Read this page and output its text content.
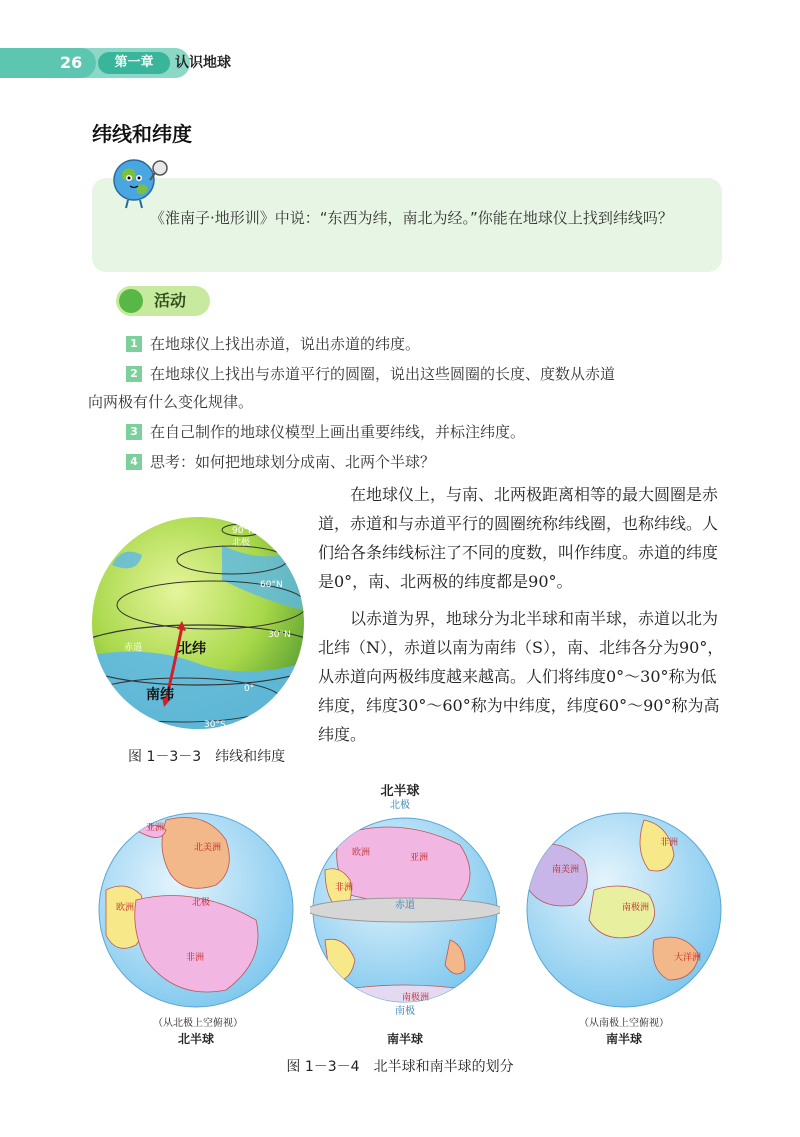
26	第一章	认识地球
纬线和纬度
《淮南子·地形训》中说：“东西为纬，南北为经。”你能在地球仪上找到纬线吗？
活动
1 在地球仪上找出赤道，说出赤道的纬度。
2 在地球仪上找出与赤道平行的圆圈，说出这些圆圈的长度、度数从赤道
向两极有什么变化规律。
3 在自己制作的地球仪模型上画出重要纬线，并标注纬度。
4 思考：如何把地球划分成南、北两个半球？

在地球仪上，与南、北两极距离相等的最大圆圈是赤道，赤道和与赤道平行的圆圈统称纬线圈，也称纬线。人们给各条纬线标注了不同的度数，叫作纬度。赤道的纬度是0°，南、北两极的纬度都是90°。

以赤道为界，地球分为北半球和南半球，赤道以北为北纬（N），赤道以南为南纬（S），南、北纬各分为90°，从赤道向两极纬度越来越高。人们将纬度0°～30°称为低纬度，纬度30°～60°称为中纬度，纬度60°～90°称为高纬度。

90°N
北极
60°N
30°N
0°
30°S
赤道	北纬
南纬
图 1－3－3　纬线和纬度
北半球
北极
北美洲
欧洲
非洲
亚洲
北极
（从北极上空俯视）
北半球
欧洲	亚洲
非洲
南极洲
赤道
南极
南半球
南美洲
非洲
南极洲
大洋洲
（从南极上空俯视）
南半球
图 1－3－4　北半球和南半球的划分
